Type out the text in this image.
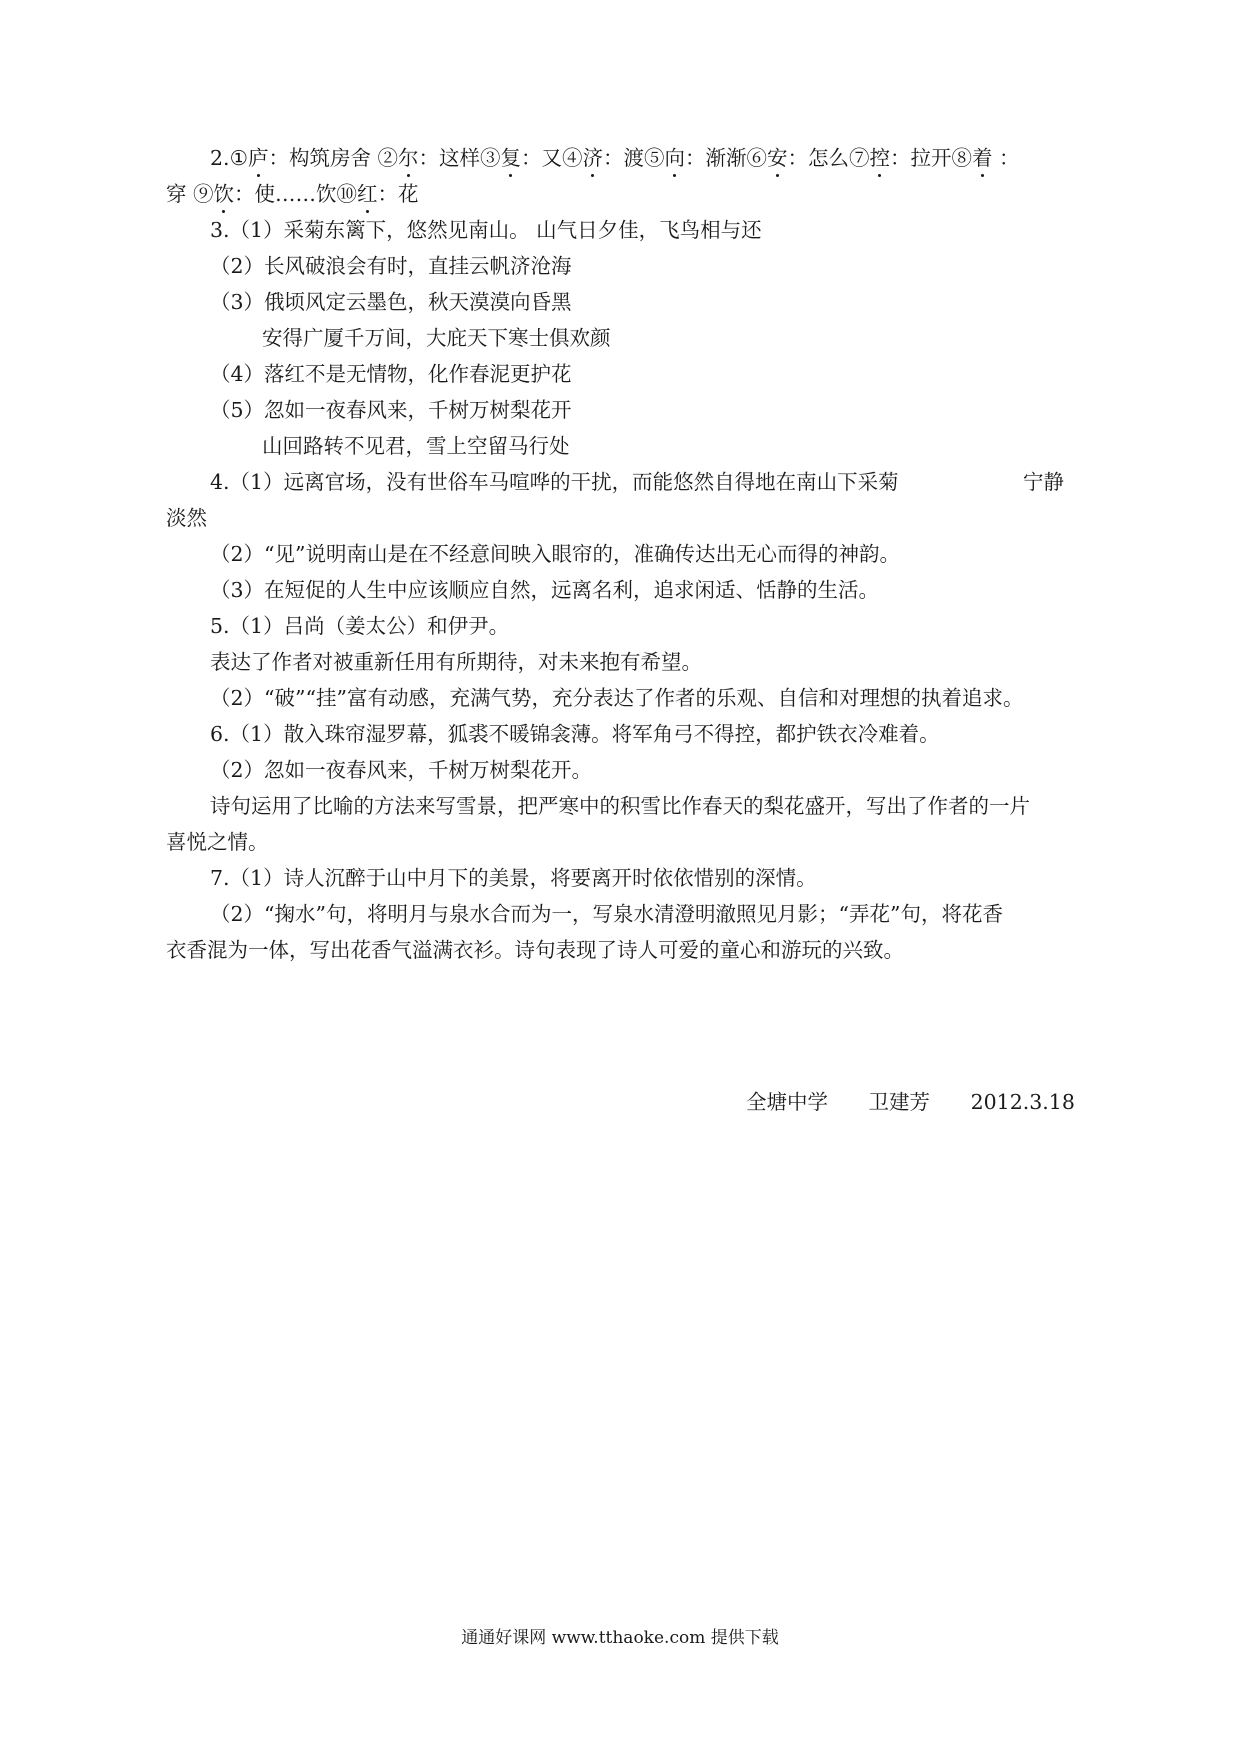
2.①庐：构筑房舍 ②尔：这样③复：又④济：渡⑤向：渐渐⑥安：怎么⑦控：拉开⑧着 ：
穿 ⑨饮：使……饮⑩红：花
3.（1）采菊东篱下，悠然见南山。 山气日夕佳，飞鸟相与还
（2）长风破浪会有时，直挂云帆济沧海
（3）俄顷风定云墨色，秋天漠漠向昏黑
安得广厦千万间，大庇天下寒士俱欢颜
（4）落红不是无情物，化作春泥更护花
（5）忽如一夜春风来，千树万树梨花开
山回路转不见君，雪上空留马行处
4.（1）远离官场，没有世俗车马喧哗的干扰，而能悠然自得地在南山下采菊	宁静
淡然
（2）“见”说明南山是在不经意间映入眼帘的，准确传达出无心而得的神韵。
（3）在短促的人生中应该顺应自然，远离名利，追求闲适、恬静的生活。
5.（1）吕尚（姜太公）和伊尹。
表达了作者对被重新任用有所期待，对未来抱有希望。
（2）“破”“挂”富有动感，充满气势，充分表达了作者的乐观、自信和对理想的执着追求。
6.（1）散入珠帘湿罗幕，狐裘不暖锦衾薄。将军角弓不得控，都护铁衣冷难着。
（2）忽如一夜春风来，千树万树梨花开。
诗句运用了比喻的方法来写雪景，把严寒中的积雪比作春天的梨花盛开，写出了作者的一片
喜悦之情。
7.（1）诗人沉醉于山中月下的美景，将要离开时依依惜别的深情。
（2）“掬水”句，将明月与泉水合而为一，写泉水清澄明澈照见月影；“弄花”句，将花香
衣香混为一体，写出花香气溢满衣衫。诗句表现了诗人可爱的童心和游玩的兴致。
全塘中学 卫建芳 2012.3.18
通通好课网 www.tthaoke.com 提供下载
